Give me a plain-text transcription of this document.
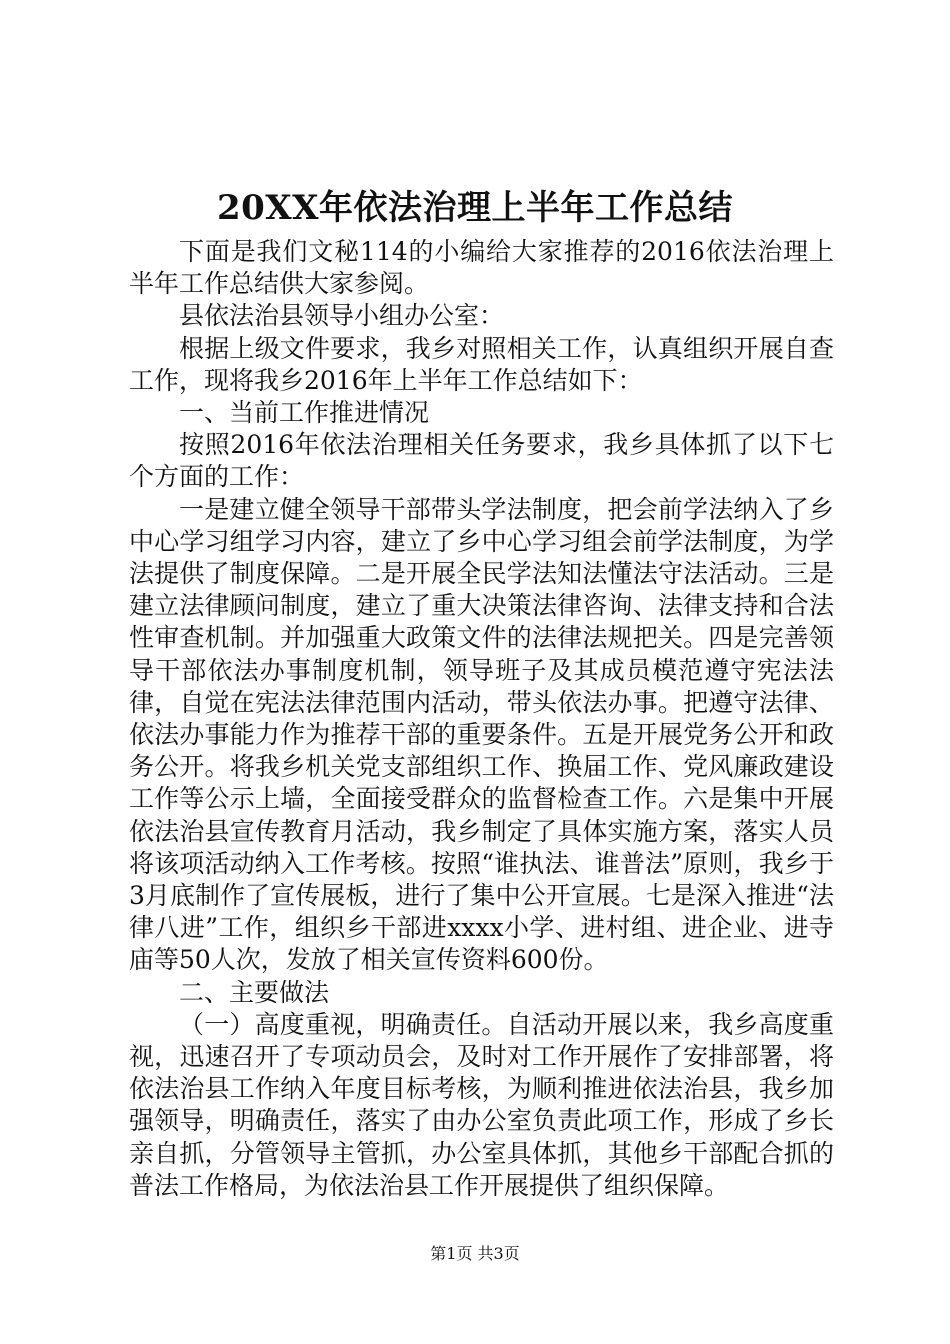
20XX年依法治理上半年工作总结

下面是我们文秘114的小编给大家推荐的2016依法治理上半年工作总结供大家参阅。

县依法治县领导小组办公室：

根据上级文件要求，我乡对照相关工作，认真组织开展自查工作，现将我乡2016年上半年工作总结如下：

一、当前工作推进情况

按照2016年依法治理相关任务要求，我乡具体抓了以下七个方面的工作：

一是建立健全领导干部带头学法制度，把会前学法纳入了乡中心学习组学习内容，建立了乡中心学习组会前学法制度，为学法提供了制度保障。二是开展全民学法知法懂法守法活动。三是建立法律顾问制度，建立了重大决策法律咨询、法律支持和合法性审查机制。并加强重大政策文件的法律法规把关。四是完善领导干部依法办事制度机制，领导班子及其成员模范遵守宪法法律，自觉在宪法法律范围内活动，带头依法办事。把遵守法律、依法办事能力作为推荐干部的重要条件。五是开展党务公开和政务公开。将我乡机关党支部组织工作、换届工作、党风廉政建设工作等公示上墙，全面接受群众的监督检查工作。六是集中开展依法治县宣传教育月活动，我乡制定了具体实施方案，落实人员将该项活动纳入工作考核。按照“谁执法、谁普法”原则，我乡于3月底制作了宣传展板，进行了集中公开宣展。七是深入推进“法律八进”工作，组织乡干部进xxxx小学、进村组、进企业、进寺庙等50人次，发放了相关宣传资料600份。

二、主要做法

（一）高度重视，明确责任。自活动开展以来，我乡高度重视，迅速召开了专项动员会，及时对工作开展作了安排部署，将依法治县工作纳入年度目标考核，为顺利推进依法治县，我乡加强领导，明确责任，落实了由办公室负责此项工作，形成了乡长亲自抓，分管领导主管抓，办公室具体抓，其他乡干部配合抓的普法工作格局，为依法治县工作开展提供了组织保障。

第1页 共3页
